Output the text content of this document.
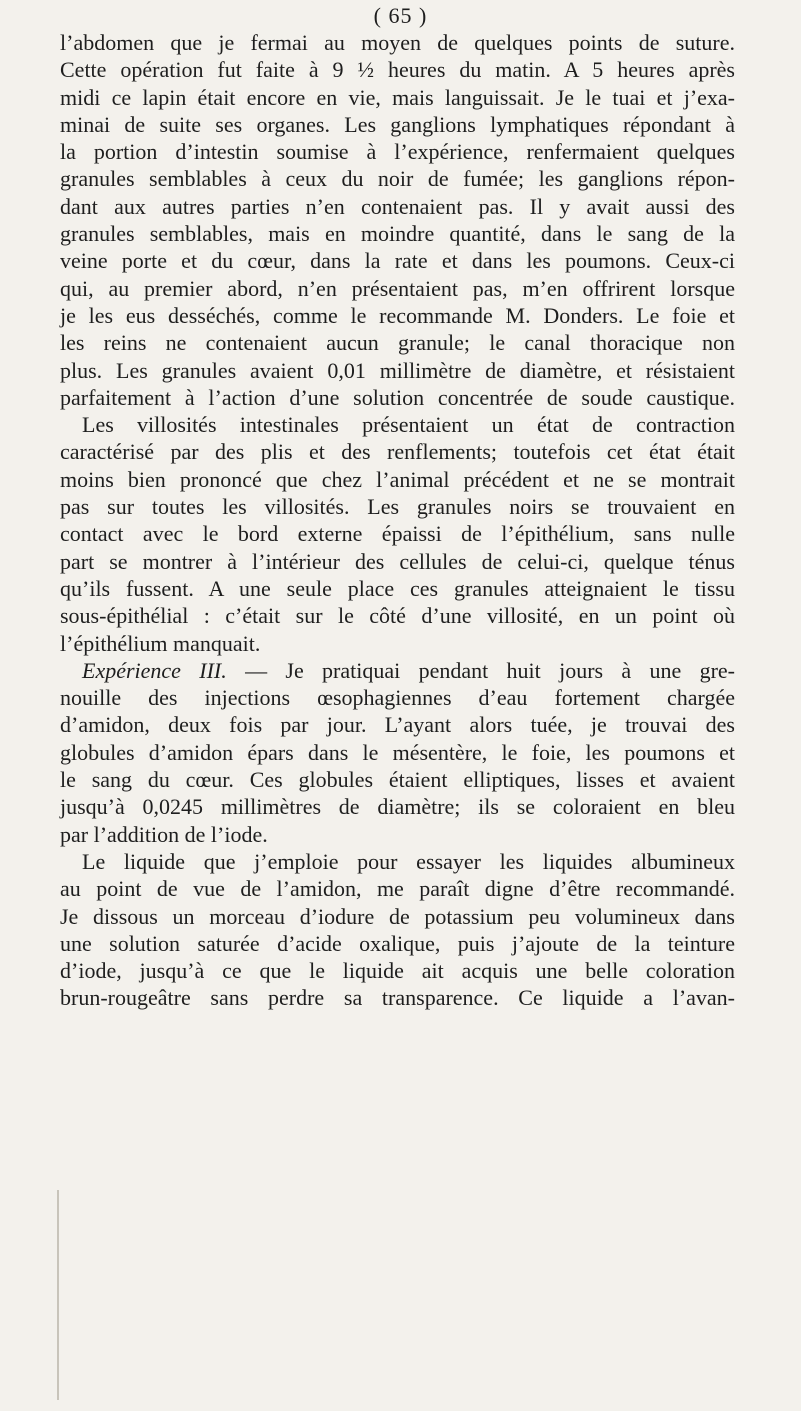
( 65 )
l’abdomen que je fermai au moyen de quelques points de suture.
Cette opération fut faite à 9 ½ heures du matin. A 5 heures après
midi ce lapin était encore en vie, mais languissait. Je le tuai et j’exa-
minai de suite ses organes. Les ganglions lymphatiques répondant à
la portion d’intestin soumise à l’expérience, renfermaient quelques
granules semblables à ceux du noir de fumée; les ganglions répon-
dant aux autres parties n’en contenaient pas. Il y avait aussi des
granules semblables, mais en moindre quantité, dans le sang de la
veine porte et du cœur, dans la rate et dans les poumons. Ceux-ci
qui, au premier abord, n’en présentaient pas, m’en offrirent lorsque
je les eus desséchés, comme le recommande M. Donders. Le foie et
les reins ne contenaient aucun granule; le canal thoracique non
plus. Les granules avaient 0,01 millimètre de diamètre, et résistaient
parfaitement à l’action d’une solution concentrée de soude caustique.
Les villosités intestinales présentaient un état de contraction
caractérisé par des plis et des renflements; toutefois cet état était
moins bien prononcé que chez l’animal précédent et ne se montrait
pas sur toutes les villosités. Les granules noirs se trouvaient en
contact avec le bord externe épaissi de l’épithélium, sans nulle
part se montrer à l’intérieur des cellules de celui-ci, quelque ténus
qu’ils fussent. A une seule place ces granules atteignaient le tissu
sous-épithélial : c’était sur le côté d’une villosité, en un point où
l’épithélium manquait.
Expérience III. — Je pratiquai pendant huit jours à une gre-
nouille des injections œsophagiennes d’eau fortement chargée
d’amidon, deux fois par jour. L’ayant alors tuée, je trouvai des
globules d’amidon épars dans le mésentère, le foie, les poumons et
le sang du cœur. Ces globules étaient elliptiques, lisses et avaient
jusqu’à 0,0245 millimètres de diamètre; ils se coloraient en bleu
par l’addition de l’iode.
Le liquide que j’emploie pour essayer les liquides albumineux
au point de vue de l’amidon, me paraît digne d’être recommandé.
Je dissous un morceau d’iodure de potassium peu volumineux dans
une solution saturée d’acide oxalique, puis j’ajoute de la teinture
d’iode, jusqu’à ce que le liquide ait acquis une belle coloration
brun-rougeâtre sans perdre sa transparence. Ce liquide a l’avan-
